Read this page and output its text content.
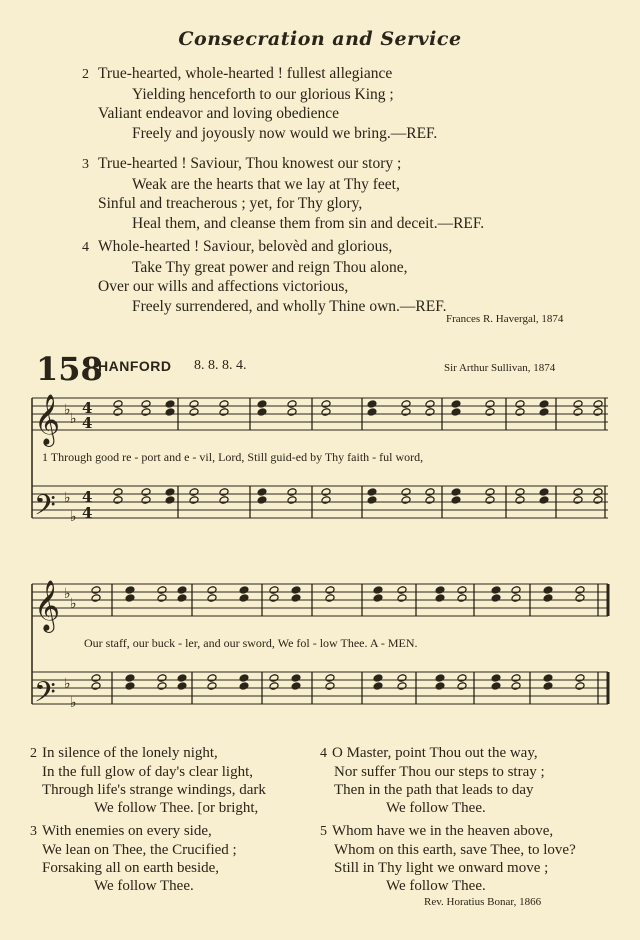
Consecration and Service
2 True-hearted, whole-hearted ! fullest allegiance
Yielding henceforth to our glorious King ;
Valiant endeavor and loving obedience
Freely and joyously now would we bring.—REF.
3 True-hearted ! Saviour, Thou knowest our story ;
Weak are the hearts that we lay at Thy feet,
Sinful and treacherous ; yet, for Thy glory,
Heal them, and cleanse them from sin and deceit.—REF.
4 Whole-hearted ! Saviour, belovèd and glorious,
Take Thy great power and reign Thou alone,
Over our wills and affections victorious,
Freely surrendered, and wholly Thine own.—REF.
Frances R. Havergal, 1874
158
HANFORD 8. 8. 8. 4.	Sir Arthur Sullivan, 1874
𝄞
𝄢
𝄞
𝄢
♭
♭
♭
♭
♭
♭
♭
♭
4
4
4
4
1 Through good re - port and e - vil, Lord, Still guid-ed by Thy faith - ful word,
Our staff, our buck - ler, and our sword, We fol - low Thee. A - MEN.
2 In silence of the lonely night,
In the full glow of day's clear light,
Through life's strange windings, dark
We follow Thee. [or bright,
3 With enemies on every side,
We lean on Thee, the Crucified ;
Forsaking all on earth beside,
We follow Thee.
4 O Master, point Thou out the way,
Nor suffer Thou our steps to stray ;
Then in the path that leads to day
We follow Thee.
5 Whom have we in the heaven above,
Whom on this earth, save Thee, to love?
Still in Thy light we onward move ;
We follow Thee.
Rev. Horatius Bonar, 1866
